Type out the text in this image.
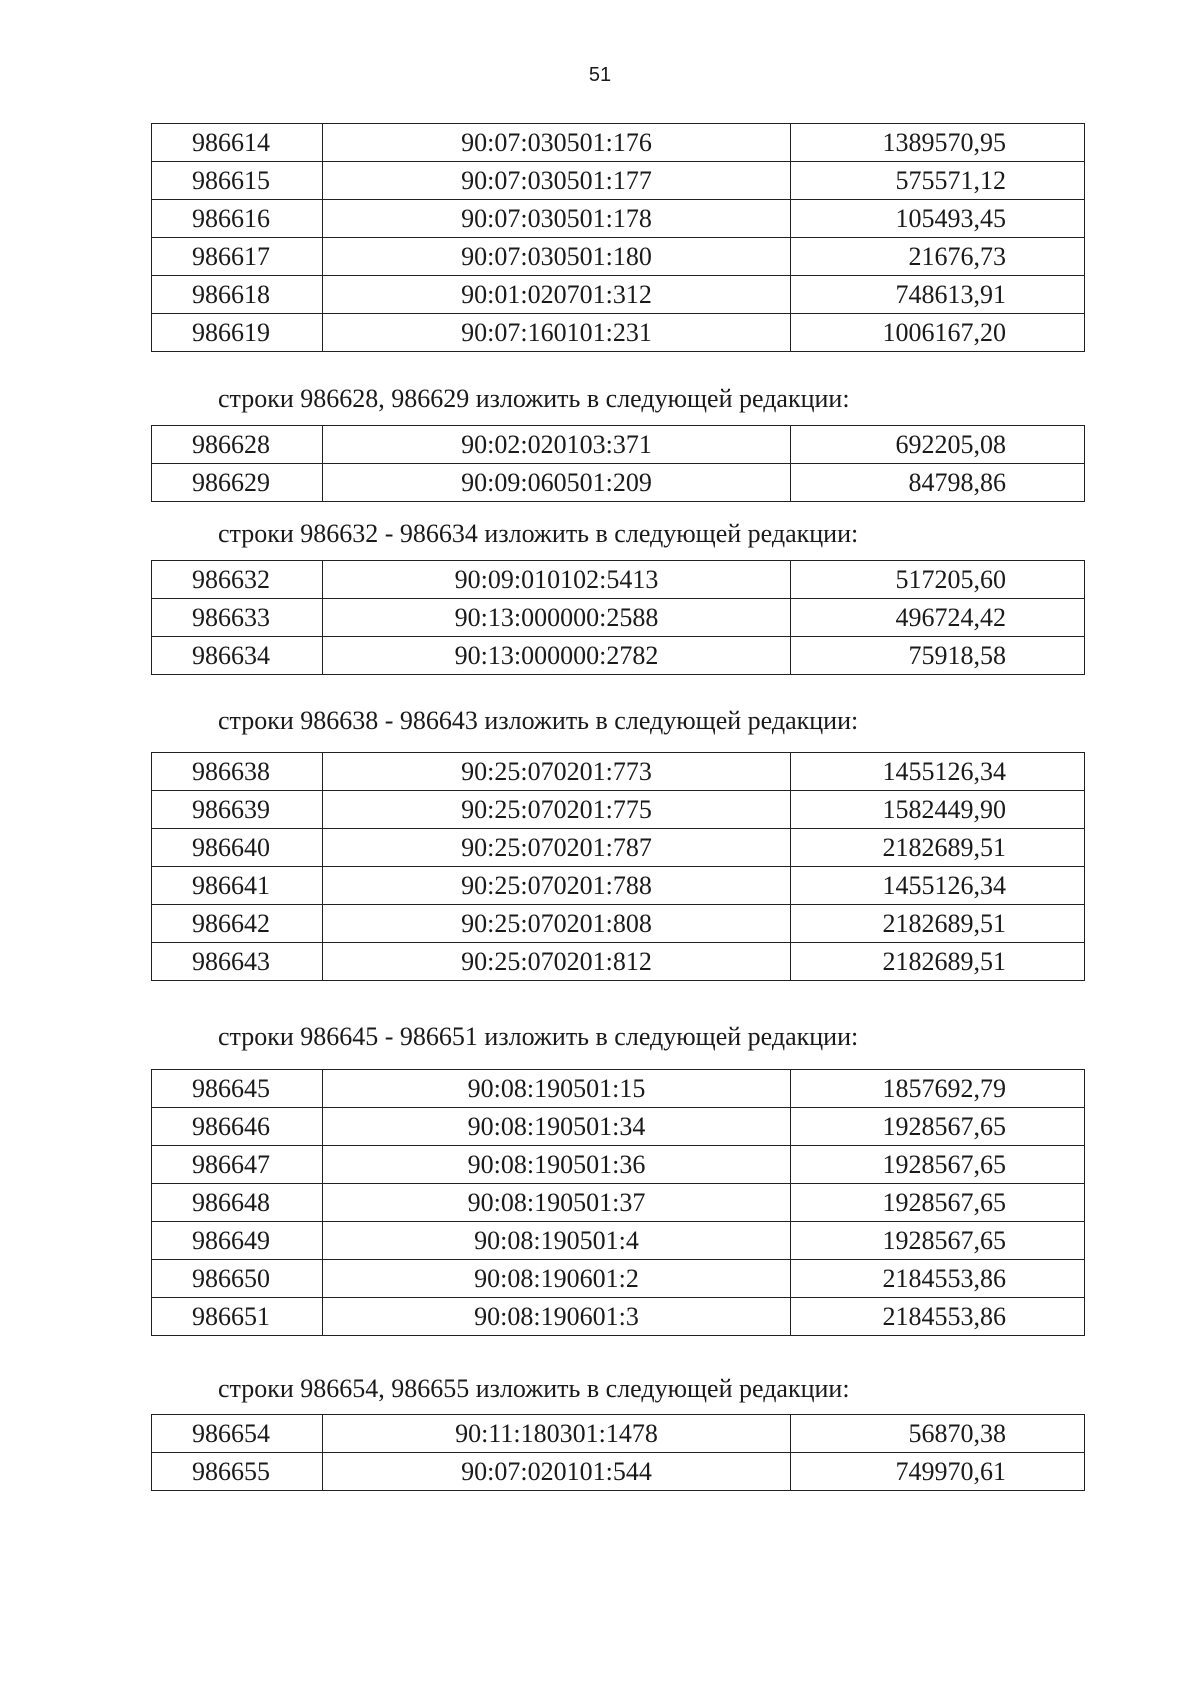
51
986614	90:07:030501:176	1389570,95
986615	90:07:030501:177	575571,12
986616	90:07:030501:178	105493,45
986617	90:07:030501:180	21676,73
986618	90:01:020701:312	748613,91
986619	90:07:160101:231	1006167,20
строки 986628, 986629 изложить в следующей редакции:
986628	90:02:020103:371	692205,08
986629	90:09:060501:209	84798,86
строки 986632 - 986634 изложить в следующей редакции:
986632	90:09:010102:5413	517205,60
986633	90:13:000000:2588	496724,42
986634	90:13:000000:2782	75918,58
строки 986638 - 986643 изложить в следующей редакции:
986638	90:25:070201:773	1455126,34
986639	90:25:070201:775	1582449,90
986640	90:25:070201:787	2182689,51
986641	90:25:070201:788	1455126,34
986642	90:25:070201:808	2182689,51
986643	90:25:070201:812	2182689,51
строки 986645 - 986651 изложить в следующей редакции:
986645	90:08:190501:15	1857692,79
986646	90:08:190501:34	1928567,65
986647	90:08:190501:36	1928567,65
986648	90:08:190501:37	1928567,65
986649	90:08:190501:4	1928567,65
986650	90:08:190601:2	2184553,86
986651	90:08:190601:3	2184553,86
строки 986654, 986655 изложить в следующей редакции:
986654	90:11:180301:1478	56870,38
986655	90:07:020101:544	749970,61
